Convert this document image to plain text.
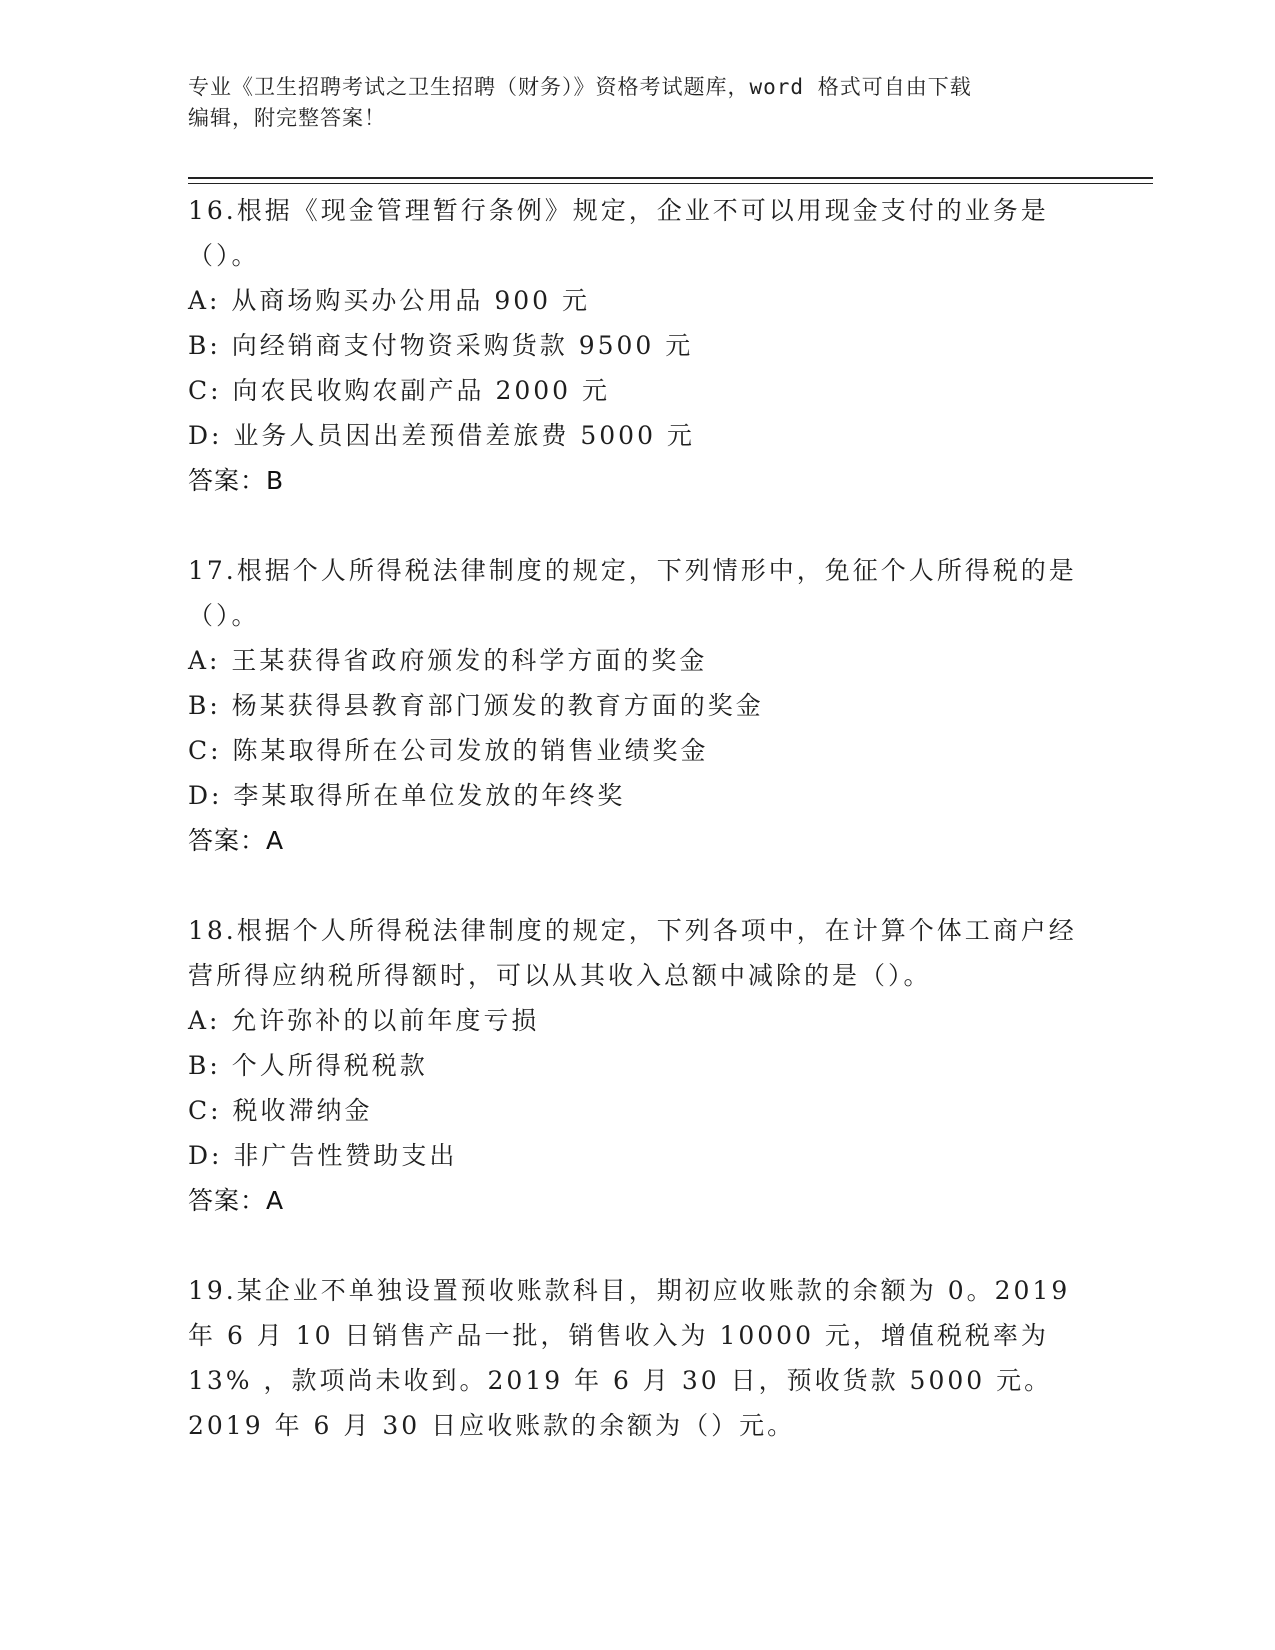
专业《卫生招聘考试之卫生招聘（财务）》资格考试题库，word 格式可自由下载
编辑，附完整答案！

16.根据《现金管理暂行条例》规定，企业不可以用现金支付的业务是（）。

A: 从商场购买办公用品 900 元

B: 向经销商支付物资采购货款 9500 元

C: 向农民收购农副产品 2000 元

D: 业务人员因出差预借差旅费 5000 元

答案：B

17.根据个人所得税法律制度的规定，下列情形中，免征个人所得税的是（）。

A: 王某获得省政府颁发的科学方面的奖金

B: 杨某获得县教育部门颁发的教育方面的奖金

C: 陈某取得所在公司发放的销售业绩奖金

D: 李某取得所在单位发放的年终奖

答案：A

18.根据个人所得税法律制度的规定，下列各项中，在计算个体工商户经营所得应纳税所得额时，可以从其收入总额中减除的是（）。

A: 允许弥补的以前年度亏损

B: 个人所得税税款

C: 税收滞纳金

D: 非广告性赞助支出

答案：A

19.某企业不单独设置预收账款科目，期初应收账款的余额为 0。2019 年 6 月 10 日销售产品一批，销售收入为 10000 元，增值税税率为 13% ，款项尚未收到。2019 年 6 月 30 日，预收货款 5000 元。2019 年 6 月 30 日应收账款的余额为（）元。
